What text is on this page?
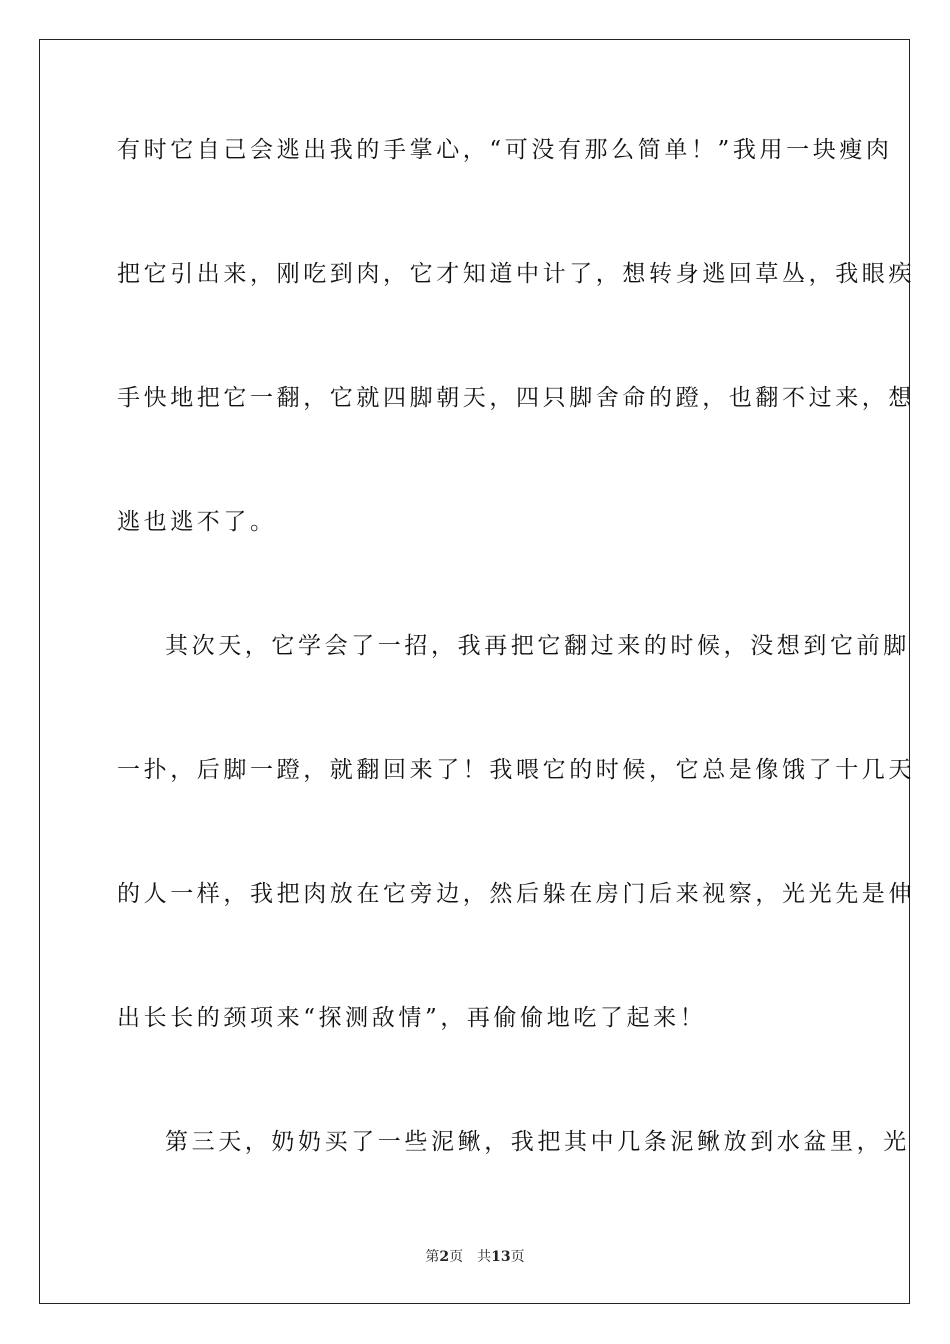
有时它自己会逃出我的手掌心，“可没有那么简单！”我用一块瘦肉
把它引出来，刚吃到肉，它才知道中计了，想转身逃回草丛，我眼疾
手快地把它一翻，它就四脚朝天，四只脚舍命的蹬，也翻不过来，想
逃也逃不了。
其次天，它学会了一招，我再把它翻过来的时候，没想到它前脚
一扑，后脚一蹬，就翻回来了！我喂它的时候，它总是像饿了十几天
的人一样，我把肉放在它旁边，然后躲在房门后来视察，光光先是伸
出长长的颈项来“探测敌情”，再偷偷地吃了起来！
第三天，奶奶买了一些泥鳅，我把其中几条泥鳅放到水盆里，光
第2页 共13页
